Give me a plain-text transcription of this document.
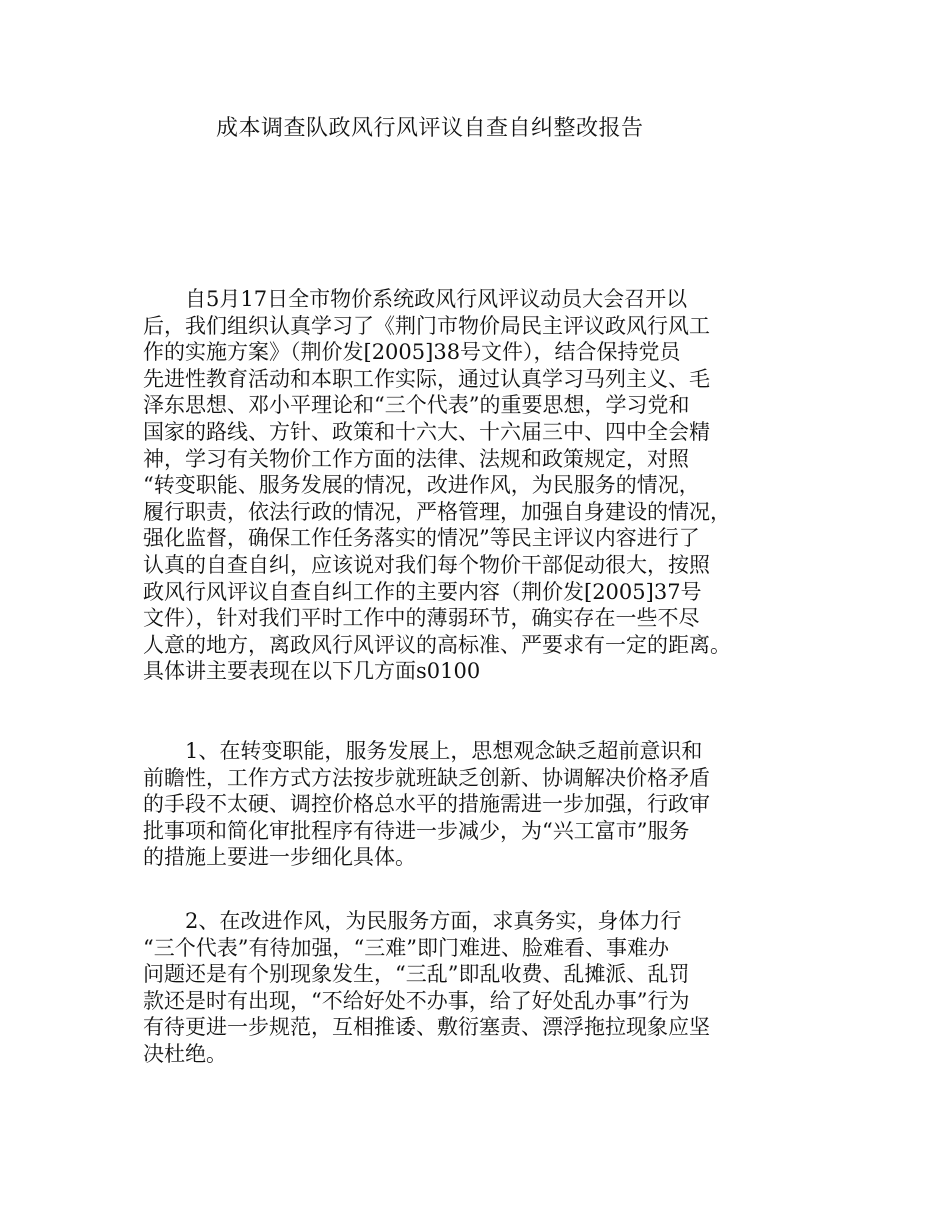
成本调查队政风行风评议自查自纠整改报告
　　自5月17日全市物价系统政风行风评议动员大会召开以
后，我们组织认真学习了《荆门市物价局民主评议政风行风工
作的实施方案》（荆价发[2005]38号文件），结合保持党员
先进性教育活动和本职工作实际，通过认真学习马列主义、毛
泽东思想、邓小平理论和“三个代表”的重要思想，学习党和
国家的路线、方针、政策和十六大、十六届三中、四中全会精
神，学习有关物价工作方面的法律、法规和政策规定，对照
“转变职能、服务发展的情况，改进作风，为民服务的情况，
履行职责，依法行政的情况，严格管理，加强自身建设的情况，
强化监督，确保工作任务落实的情况”等民主评议内容进行了
认真的自查自纠，应该说对我们每个物价干部促动很大，按照
政风行风评议自查自纠工作的主要内容（荆价发[2005]37号
文件），针对我们平时工作中的薄弱环节，确实存在一些不尽
人意的地方，离政风行风评议的高标准、严要求有一定的距离。
具体讲主要表现在以下几方面s0100
　　1、在转变职能，服务发展上，思想观念缺乏超前意识和
前瞻性，工作方式方法按步就班缺乏创新、协调解决价格矛盾
的手段不太硬、调控价格总水平的措施需进一步加强，行政审
批事项和简化审批程序有待进一步减少，为“兴工富市”服务
的措施上要进一步细化具体。
　　2、在改进作风，为民服务方面，求真务实，身体力行
“三个代表”有待加强，“三难”即门难进、脸难看、事难办
问题还是有个别现象发生，“三乱”即乱收费、乱摊派、乱罚
款还是时有出现，“不给好处不办事，给了好处乱办事”行为
有待更进一步规范，互相推诿、敷衍塞责、漂浮拖拉现象应坚
决杜绝。
